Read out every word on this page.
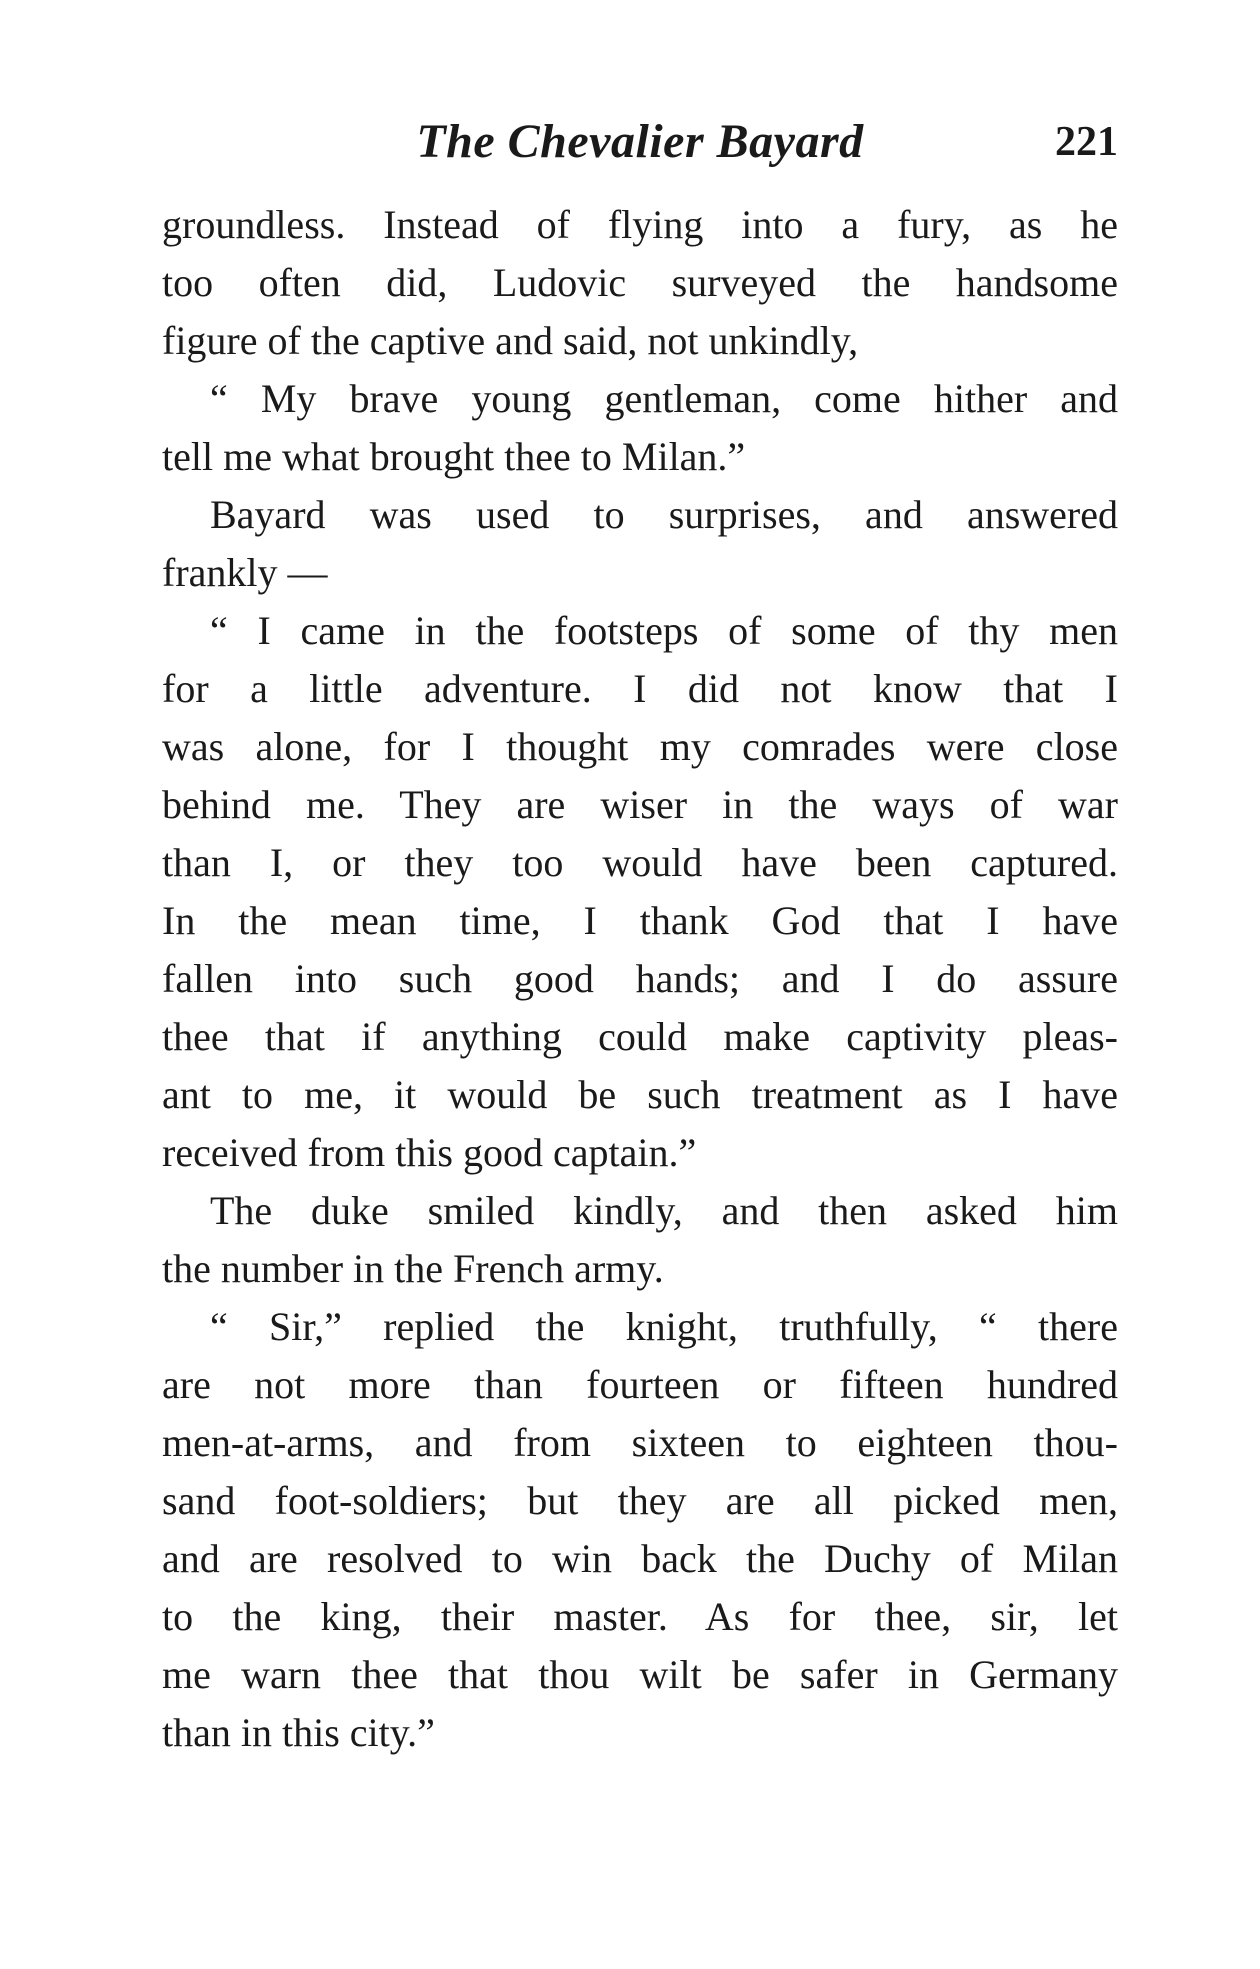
The Chevalier Bayard	221

groundless. Instead of flying into a fury, as he
too often did, Ludovic surveyed the handsome
figure of the captive and said, not unkindly,

“ My brave young gentleman, come hither and
tell me what brought thee to Milan.”

Bayard was used to surprises, and answered
frankly —

“ I came in the footsteps of some of thy men
for a little adventure. I did not know that I
was alone, for I thought my comrades were close
behind me. They are wiser in the ways of war
than I, or they too would have been captured.
In the mean time, I thank God that I have
fallen into such good hands; and I do assure
thee that if anything could make captivity pleas-
ant to me, it would be such treatment as I have
received from this good captain.”

The duke smiled kindly, and then asked him
the number in the French army.

“ Sir,” replied the knight, truthfully, “ there
are not more than fourteen or fifteen hundred
men-at-arms, and from sixteen to eighteen thou-
sand foot-soldiers; but they are all picked men,
and are resolved to win back the Duchy of Milan
to the king, their master. As for thee, sir, let
me warn thee that thou wilt be safer in Germany
than in this city.”
